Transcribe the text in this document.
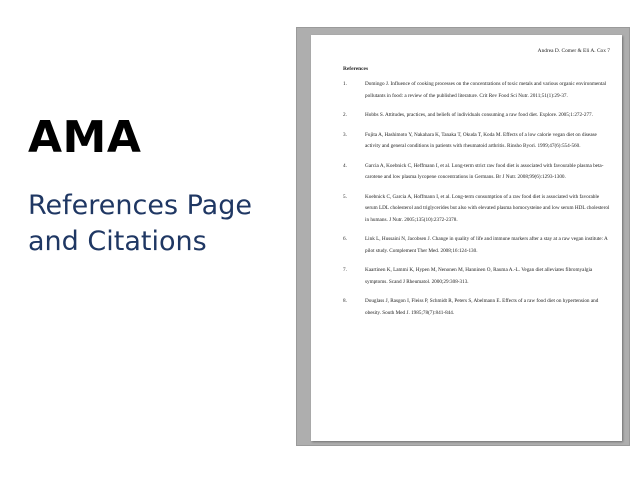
AMA

References Page
and Citations

Andrea D. Comer & Eli A. Cox 7
References
1.	Domingo J. Influence of cooking processes on the concentrations of toxic metals and various organic environmental pollutants in food: a review of the published literature. Crit Rev Food Sci Nutr. 2011;51(1):29-37.
2.	Hobbs S. Attitudes, practices, and beliefs of individuals consuming a raw food diet. Explore. 2005;1:272-277.
3.	Fujita A, Hashimoto Y, Nakahara K, Tanaka T, Okuda T, Koda M. Effects of a low calorie vegan diet on disease activity and general conditions in patients with rheumatoid arthritis. Rinsho Byori. 1999;47(6):554-560.
4.	Garcia A, Koebnick C, Heffmann I, et al. Long-term strict raw food diet is associated with favourable plasma beta-carotene and low plasma lycopene concentrations in Germans. Br J Nutr. 2008;99(6):1293-1300.
5.	Koebnick C, Garcia A, Hoffmann I, et al. Long-term consumption of a raw food diet is associated with favorable serum LDL cholesterol and triglycerides but also with elevated plasma homocysteine and low serum HDL cholesterol in humans. J Nutr. 2005;135(10):2372-2378.
6.	Link L, Hussaini N, Jacobsen J. Change in quality of life and immune markers after a stay at a raw vegan institute: A pilot study. Complement Ther Med. 2008;16:124-130.
7.	Kaartinen K, Lammi K, Hypen M, Nenonen M, Hanninen O, Rauma A.-L. Vegan diet alleviates fibromyalgia symptoms. Scand J Rheumatol. 2000;29:308-313.
8.	Douglass J, Rasgon I, Fleiss P, Schmidt R, Peters S, Abelmann E. Effects of a raw food diet on hypertension and obesity. South Med J. 1985;78(7):841-844.
